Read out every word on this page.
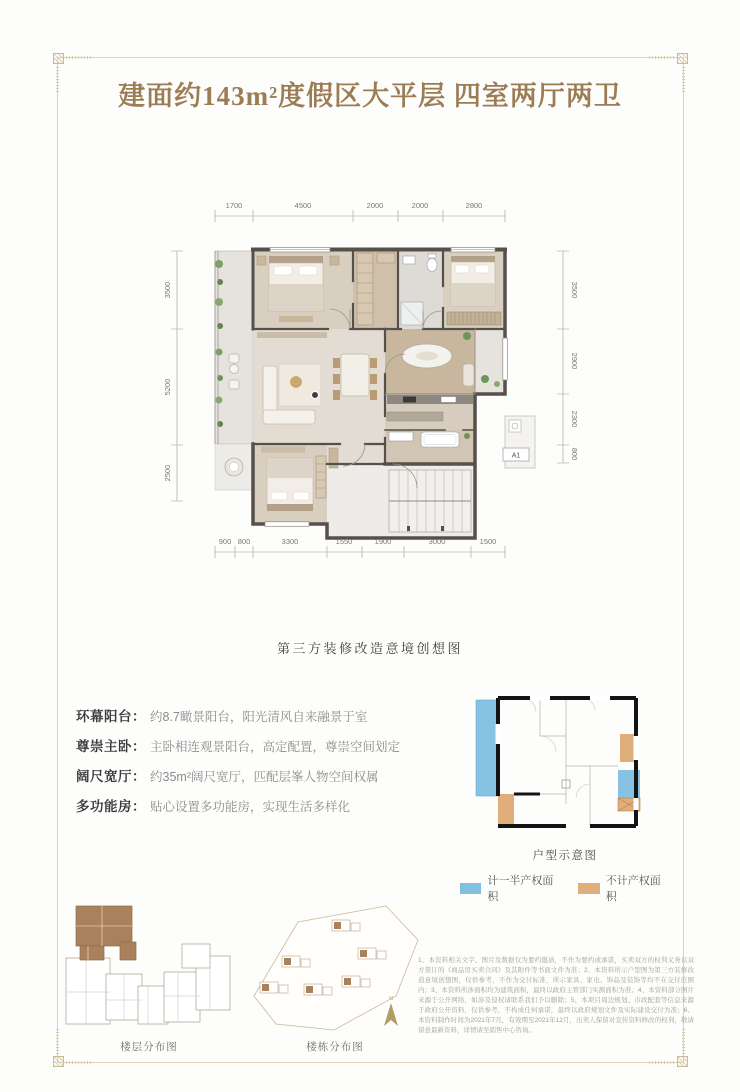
建面约143m²度假区大平层 四室两厅两卫
A1
1700	4500	2000	2000	2800
3500
5200
2500
3500
2900
2300
800
900 800	3300	1550	1900	3000	1500
第三方装修改造意境创想图
环幕阳台： 约8.7瞰景阳台，阳光清风自来融景于室
尊崇主卧： 主卧相连观景阳台，高定配置，尊崇空间划定
阔尺宽厅： 约35m²阔尺宽厅，匹配层峯人物空间权属
多功能房： 贴心设置多功能房，实现生活多样化
户型示意图
计一半产权面积
不计产权面积
楼层分布图
N
楼栋分布图
1、本资料相关文字、图片及数据仅为要约邀请，不作为要约或承诺，买卖双方的权利义务以双方签订的《商品房买卖合同》及其附件等书面文件为准；2、本资料所示户型图为第三方装修改造意境创想图，仅供参考，不作为交付标准，所示家具、家电、饰品及装饰等均不在交付范围内；3、本资料所涉面积均为建筑面积，最终以政府主管部门实测面积为准；4、本资料部分图片来源于公开网络，如涉及侵权请联系我们予以删除；5、本项目周边规划、市政配套等信息来源于政府公开资料，仅供参考，不构成任何承诺，最终以政府规划文件及实际建设交付为准；6、本资料制作时间为2021年7月，有效期至2021年12月，出卖人保留对宣传资料修改的权利，敬请留意最新资料，详情请至销售中心咨询。
